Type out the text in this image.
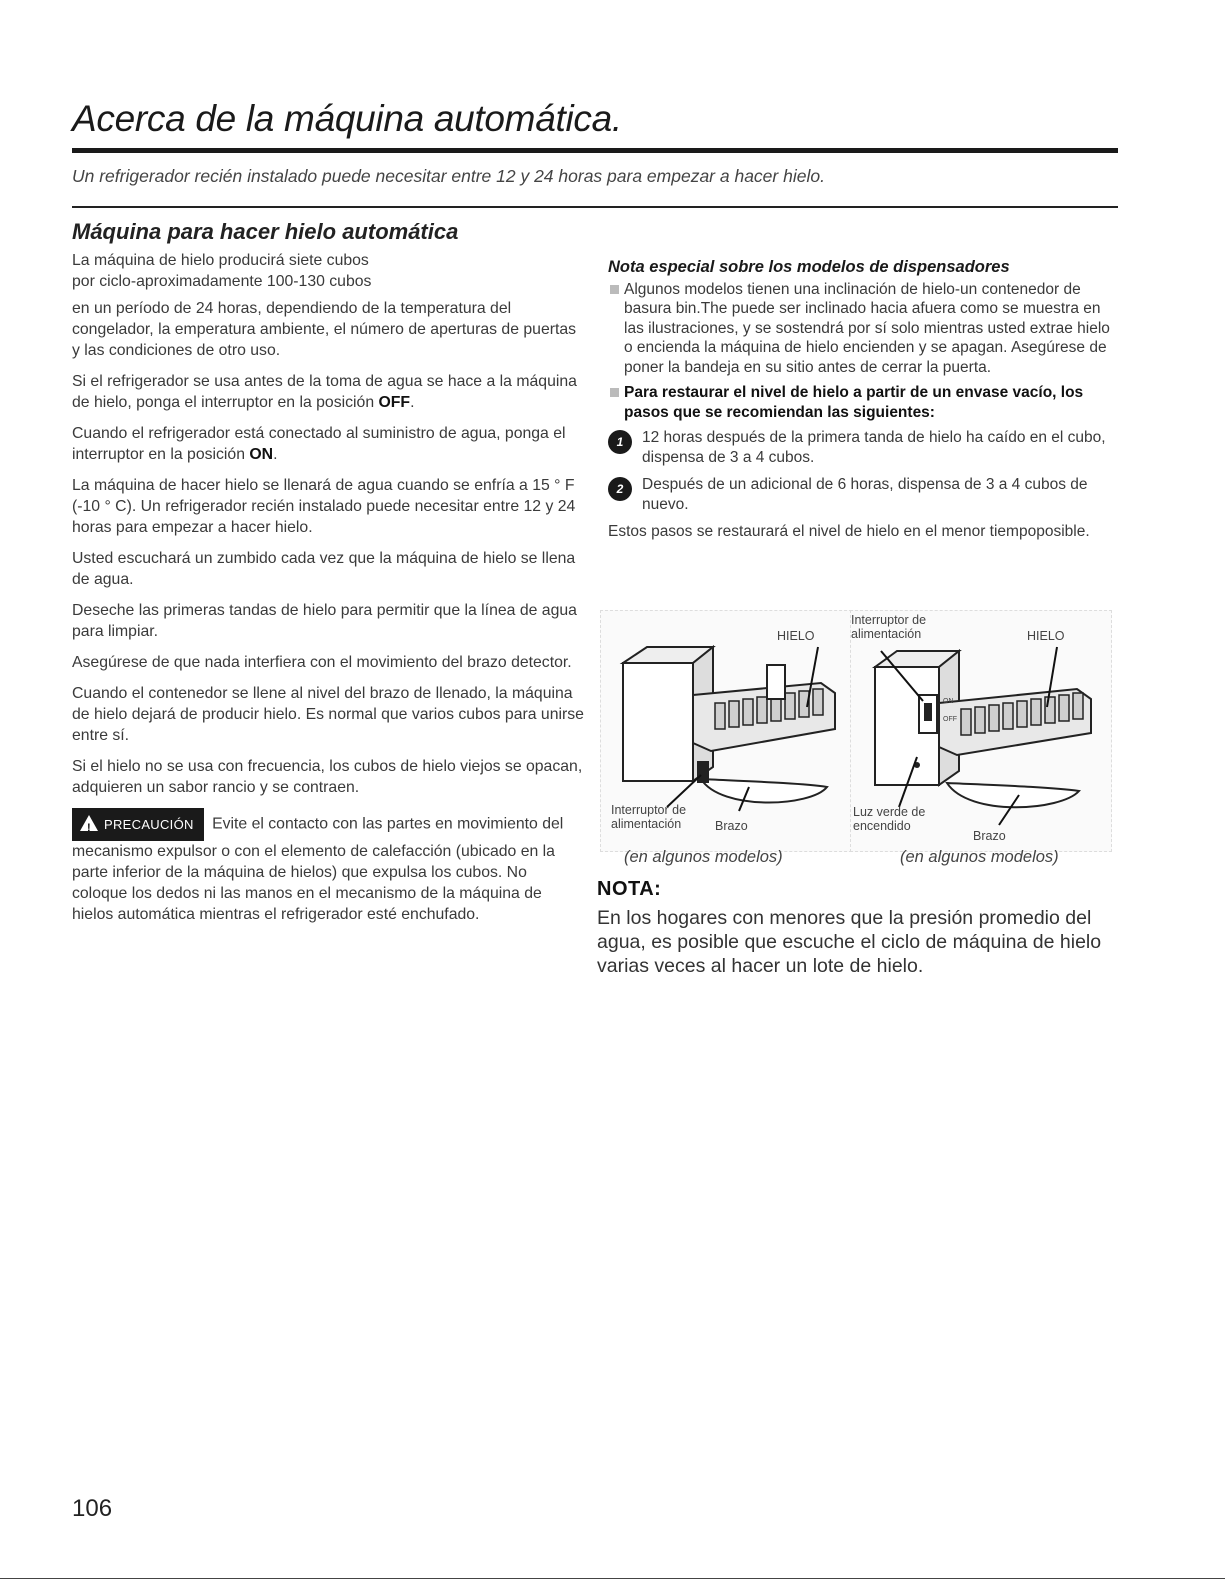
Acerca de la máquina automática.
Un refrigerador recién instalado puede necesitar entre 12 y 24 horas para empezar a hacer hielo.
Máquina para hacer hielo automática

La máquina de hielo producirá siete cubos
por ciclo-aproximadamente 100-130 cubos

en un período de 24 horas, dependiendo de la temperatura del congelador, la emperatura ambiente, el número de aperturas de puertas y las condiciones de otro uso.

Si el refrigerador se usa antes de la toma de agua se hace a la máquina de hielo, ponga el interruptor en la posición OFF.

Cuando el refrigerador está conectado al suministro de agua, ponga el interruptor en la posición ON.

La máquina de hacer hielo se llenará de agua cuando se enfría a 15 ° F (-10 ° C). Un refrigerador recién instalado puede necesitar entre 12 y 24 horas para empezar a hacer hielo.

Usted escuchará un zumbido cada vez que la máquina de hielo se llena de agua.

Deseche las primeras tandas de hielo para permitir que la línea de agua para limpiar.

Asegúrese de que nada interfiera con el movimiento del brazo detector.

Cuando el contenedor se llene al nivel del brazo de llenado, la máquina de hielo dejará de producir hielo. Es normal que varios cubos para unirse entre sí.

Si el hielo no se usa con frecuencia, los cubos de hielo viejos se opacan, adquieren un sabor rancio y se contraen.

! PRECAUCIÓN Evite el contacto con las partes en movimiento del mecanismo expulsor o con el elemento de calefacción (ubicado en la parte inferior de la máquina de hielos) que expulsa los cubos. No coloque los dedos ni las manos en el mecanismo de la máquina de hielos automática mientras el refrigerador esté enchufado.
Nota especial sobre los modelos de dispensadores
Algunos modelos tienen una inclinación de hielo-un contenedor de basura bin.The puede ser inclinado hacia afuera como se muestra en las ilustraciones, y se sostendrá por sí solo mientras usted extrae hielo o encienda la máquina de hielo encienden y se apagan. Asegúrese de poner la bandeja en su sitio antes de cerrar la puerta.
Para restaurar el nivel de hielo a partir de un envase vacío, los pasos que se recomiendan las siguientes:
1	12 horas después de la primera tanda de hielo ha caído en el cubo, dispensa de 3 a 4 cubos.
2	Después de un adicional de 6 horas, dispensa de 3 a 4 cubos de nuevo.
Estos pasos se restaurará el nivel de hielo en el menor tiempoposible.
HIELO
Interruptor de alimentación	Brazo
Interruptor de alimentación	HIELO
ON
OFF
Luz verde de encendido
Brazo
(en algunos modelos)	(en algunos modelos)
NOTA:
En los hogares con menores que la presión promedio del agua, es posible que escuche el ciclo de máquina de hielo varias veces al hacer un lote de hielo.
106
